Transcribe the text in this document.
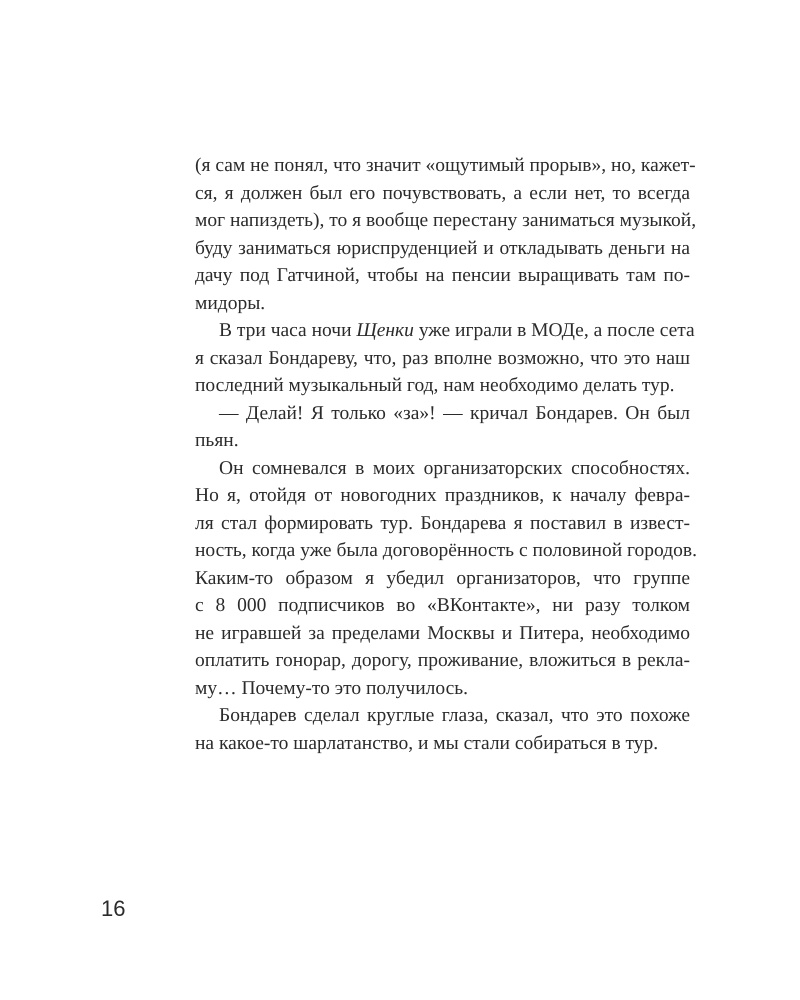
(я сам не понял, что значит «ощутимый прорыв», но, кажет-
ся, я должен был его почувствовать, а если нет, то всегда
мог напиздеть), то я вообще перестану заниматься музыкой,
буду заниматься юриспруденцией и откладывать деньги на
дачу под Гатчиной, чтобы на пенсии выращивать там по-
мидоры.
В три часа ночи Щенки уже играли в МОДе, а после сета
я сказал Бондареву, что, раз вполне возможно, что это наш
последний музыкальный год, нам необходимо делать тур.
— Делай! Я только «за»! — кричал Бондарев. Он был
пьян.
Он сомневался в моих организаторских способностях.
Но я, отойдя от новогодних праздников, к началу февра-
ля стал формировать тур. Бондарева я поставил в извест-
ность, когда уже была договорённость с половиной городов.
Каким-то образом я убедил организаторов, что группе
с 8 000 подписчиков во «ВКонтакте», ни разу толком
не игравшей за пределами Москвы и Питера, необходимо
оплатить гонорар, дорогу, проживание, вложиться в рекла-
му… Почему-то это получилось.
Бондарев сделал круглые глаза, сказал, что это похоже
на какое-то шарлатанство, и мы стали собираться в тур.
16
